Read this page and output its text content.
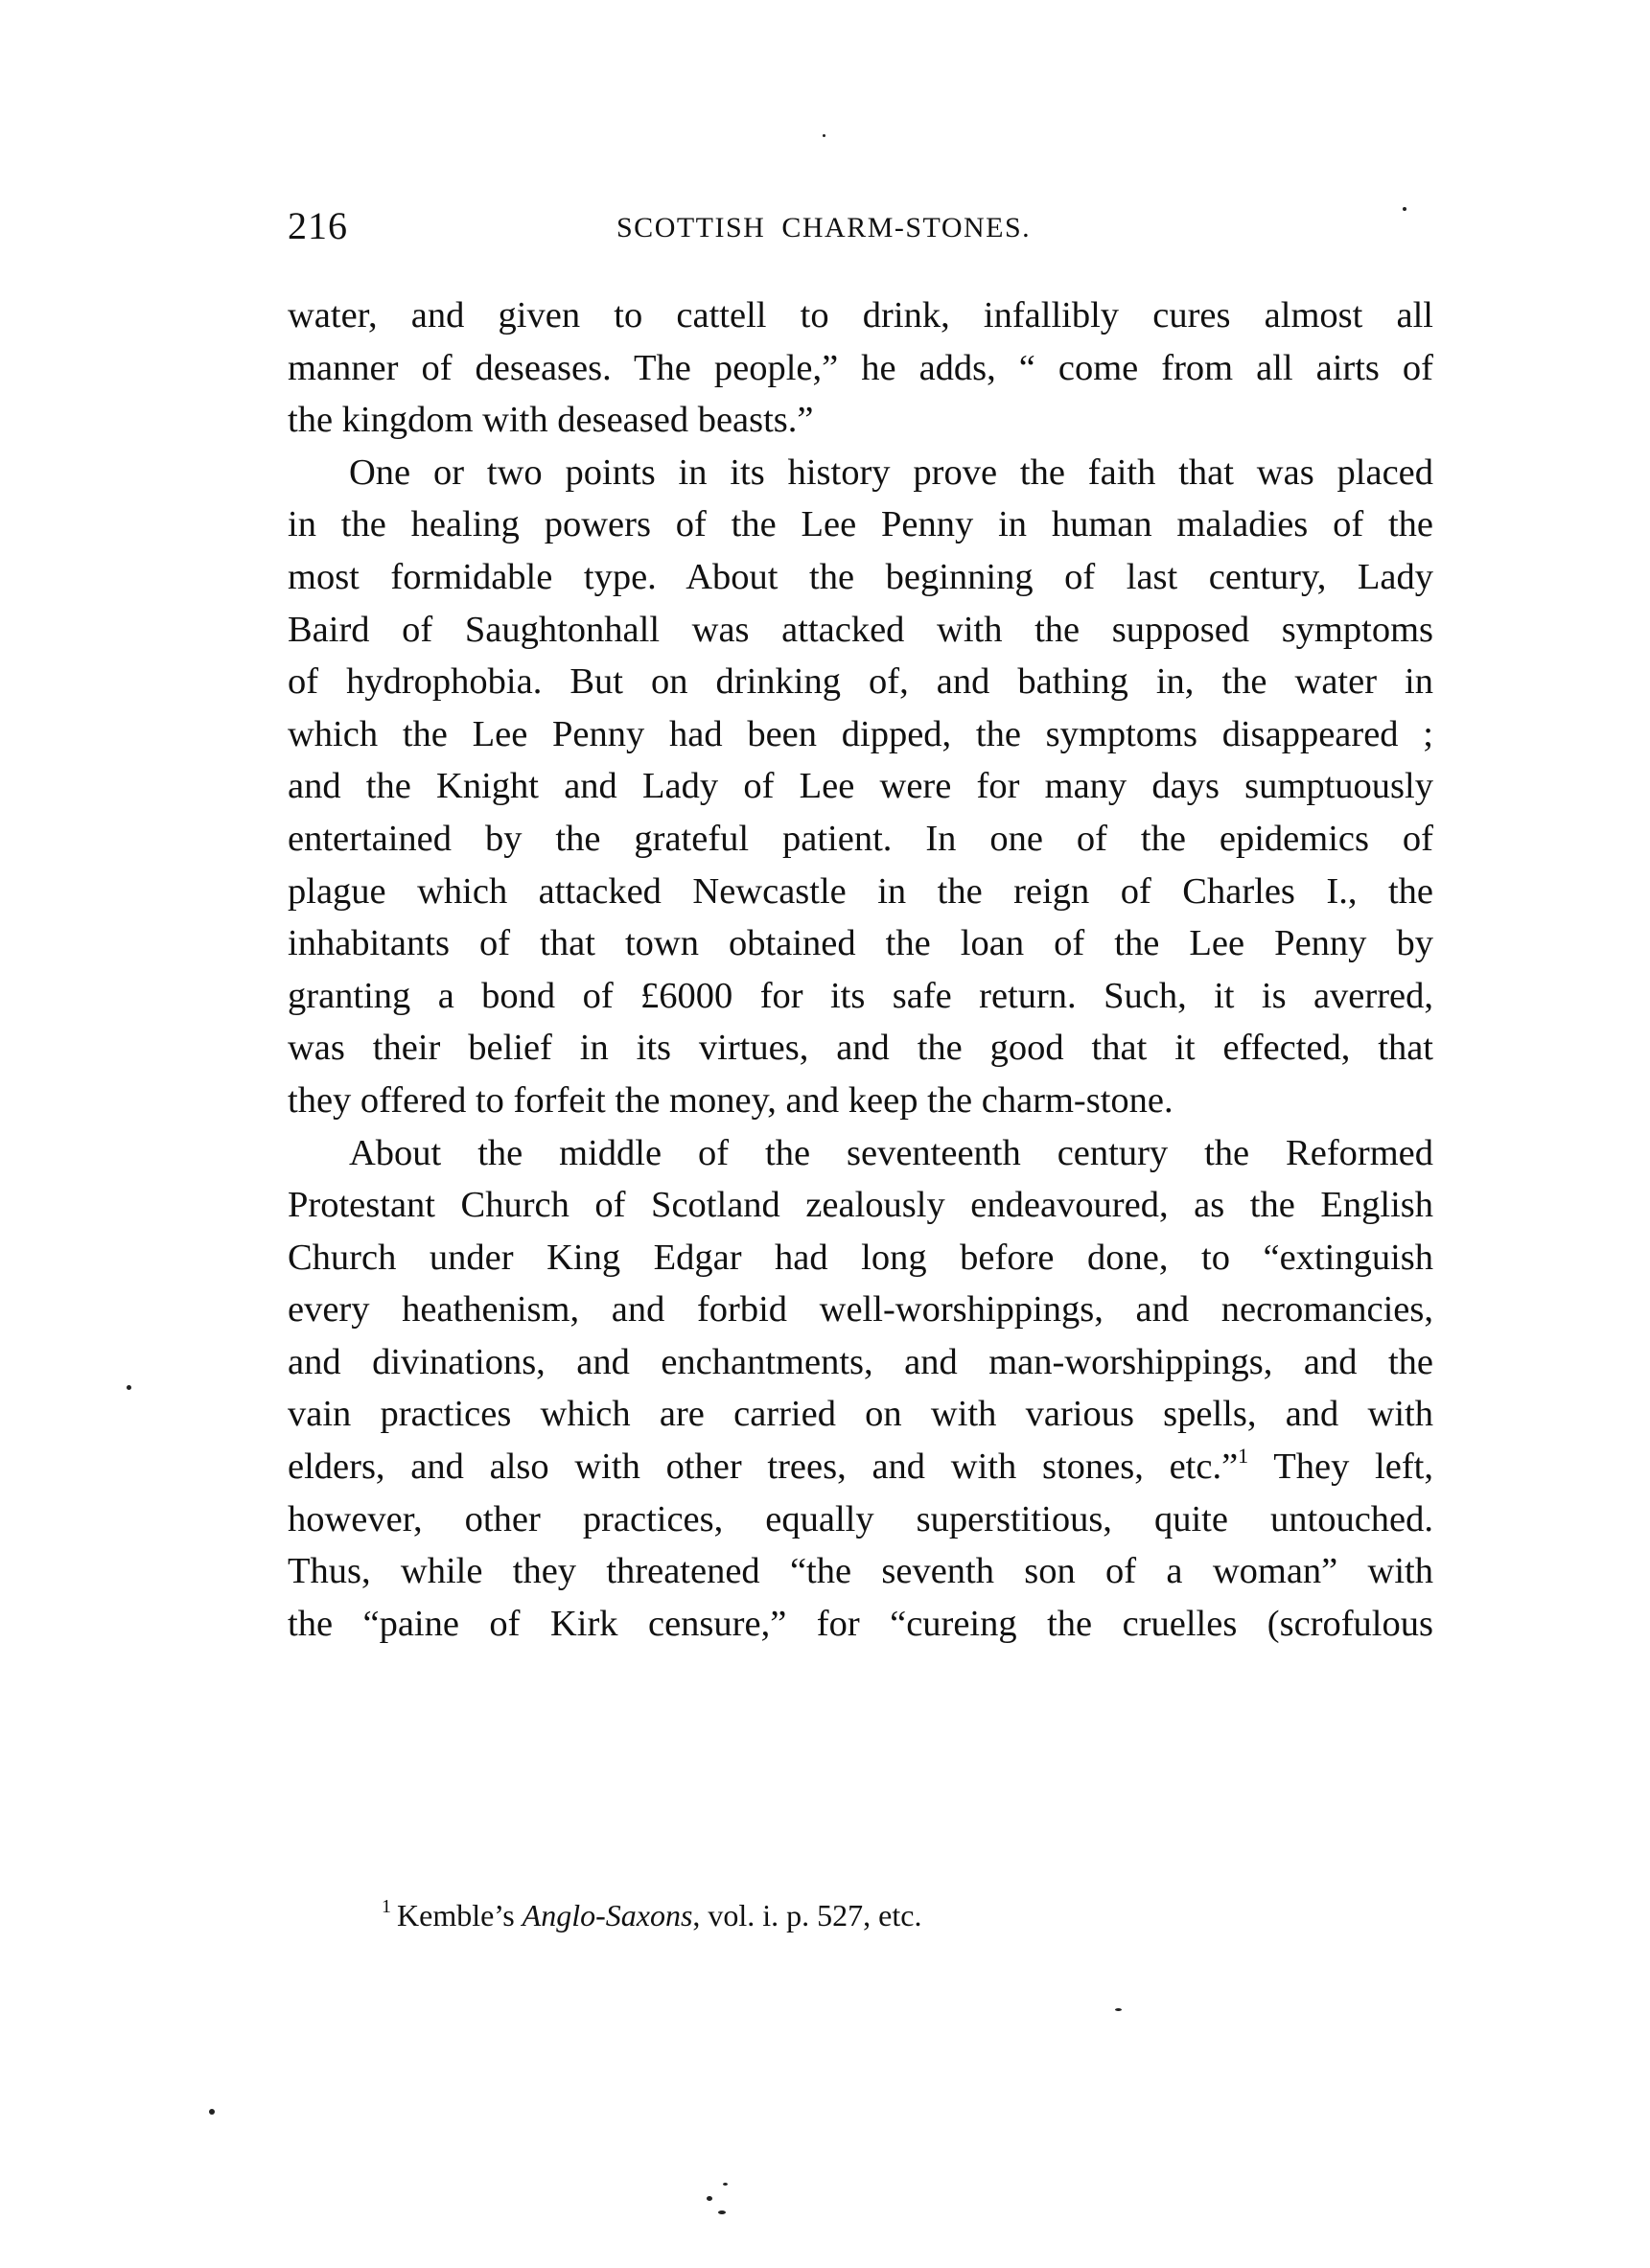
216	SCOTTISH CHARM-STONES.
water, and given to cattell to drink, infallibly cures almost all
manner of deseases. The people,” he adds, “ come from all airts of
the kingdom with deseased beasts.”
One or two points in its history prove the faith that was placed
in the healing powers of the Lee Penny in human maladies of the
most formidable type. About the beginning of last century, Lady
Baird of Saughtonhall was attacked with the supposed symptoms
of hydrophobia. But on drinking of, and bathing in, the water in
which the Lee Penny had been dipped, the symptoms disappeared ;
and the Knight and Lady of Lee were for many days sumptuously
entertained by the grateful patient. In one of the epidemics of
plague which attacked Newcastle in the reign of Charles I., the
inhabitants of that town obtained the loan of the Lee Penny by
granting a bond of £6000 for its safe return. Such, it is averred,
was their belief in its virtues, and the good that it effected, that
they offered to forfeit the money, and keep the charm-stone.
About the middle of the seventeenth century the Reformed
Protestant Church of Scotland zealously endeavoured, as the English
Church under King Edgar had long before done, to “extinguish
every heathenism, and forbid well-worshippings, and necromancies,
and divinations, and enchantments, and man-worshippings, and the
vain practices which are carried on with various spells, and with
elders, and also with other trees, and with stones, etc.”$^1$ They left,
however, other practices, equally superstitious, quite untouched.
Thus, while they threatened “the seventh son of a woman” with
the “paine of Kirk censure,” for “cureing the cruelles (scrofulous
$^1$ Kemble’s Anglo-Saxons, vol. i. p. 527, etc.
